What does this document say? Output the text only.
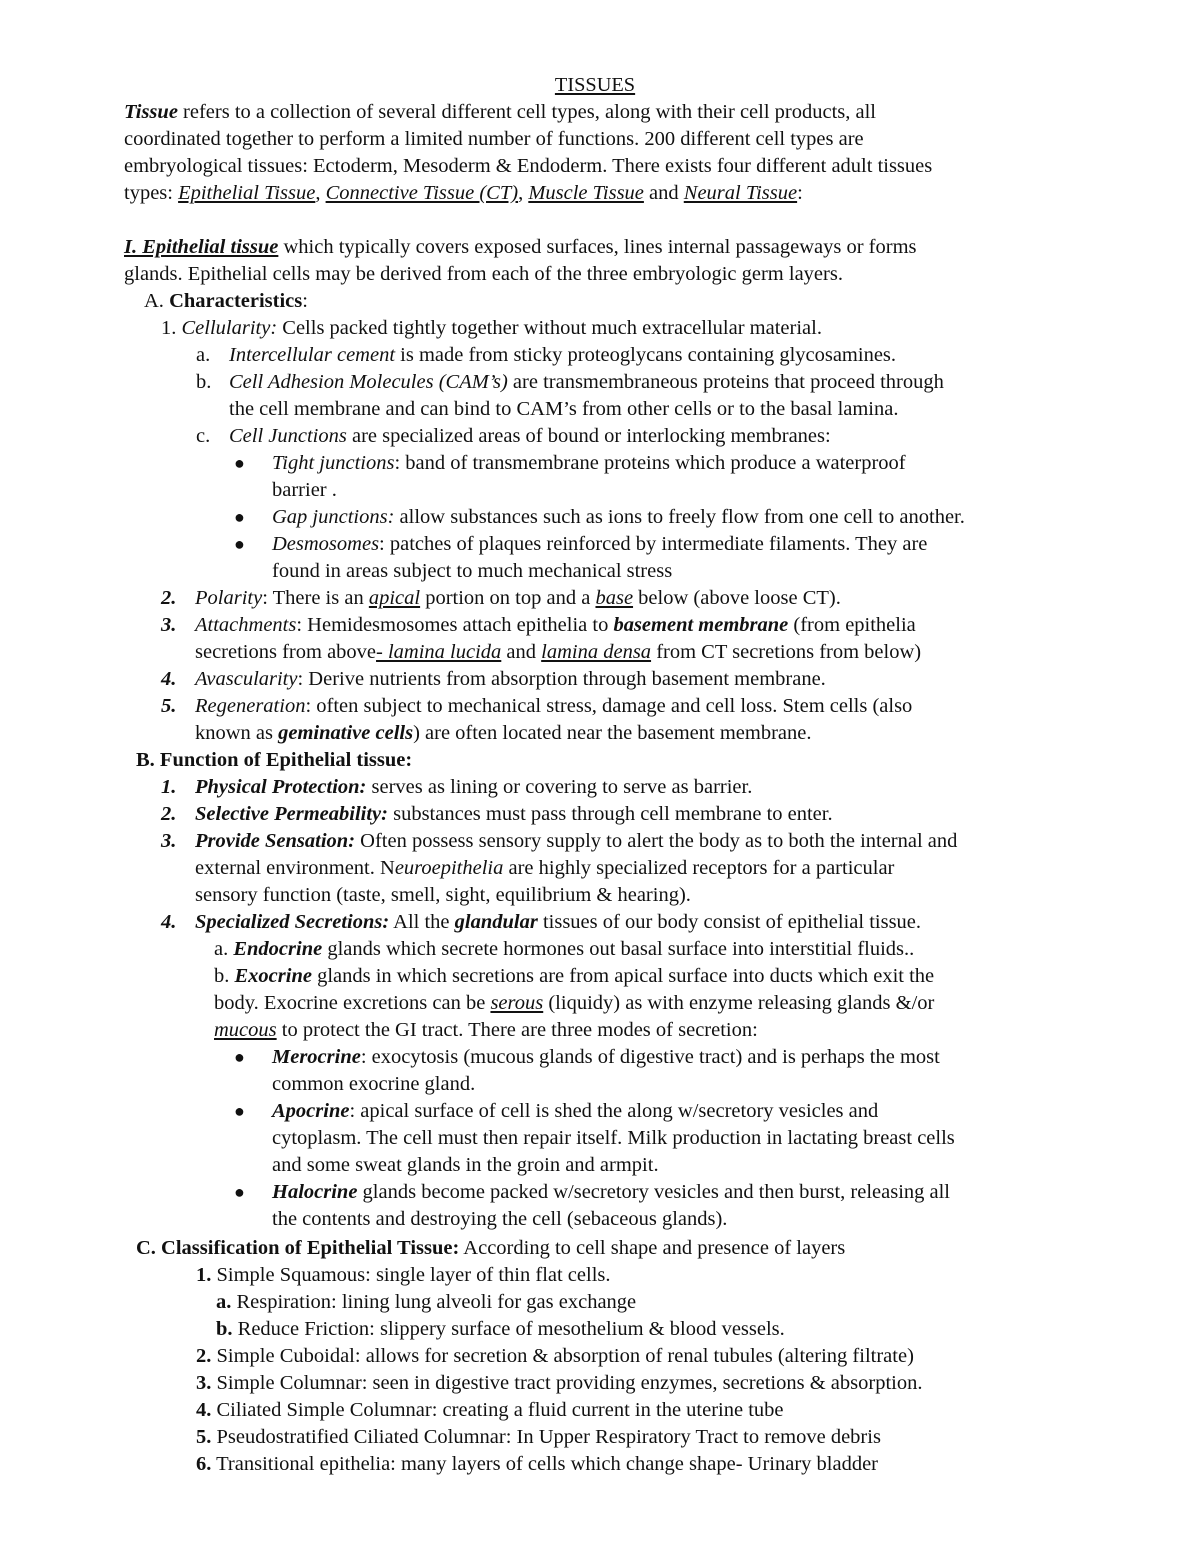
TISSUES
Tissue refers to a collection of several different cell types, along with their cell products, all
coordinated together to perform a limited number of functions. 200 different cell types are
embryological tissues: Ectoderm, Mesoderm & Endoderm. There exists four different adult tissues
types: Epithelial Tissue, Connective Tissue (CT), Muscle Tissue and Neural Tissue:
I. Epithelial tissue which typically covers exposed surfaces, lines internal passageways or forms
glands. Epithelial cells may be derived from each of the three embryologic germ layers.
A. Characteristics:
1. Cellularity: Cells packed tightly together without much extracellular material.
a. Intercellular cement is made from sticky proteoglycans containing glycosamines.
b. Cell Adhesion Molecules (CAM’s) are transmembraneous proteins that proceed through
the cell membrane and can bind to CAM’s from other cells or to the basal lamina.
c. Cell Junctions are specialized areas of bound or interlocking membranes:
● Tight junctions: band of transmembrane proteins which produce a waterproof
barrier .
● Gap junctions: allow substances such as ions to freely flow from one cell to another.
● Desmosomes: patches of plaques reinforced by intermediate filaments. They are
found in areas subject to much mechanical stress
2. Polarity: There is an apical portion on top and a base below (above loose CT).
3. Attachments: Hemidesmosomes attach epithelia to basement membrane (from epithelia
secretions from above- lamina lucida and lamina densa from CT secretions from below)
4. Avascularity: Derive nutrients from absorption through basement membrane.
5. Regeneration: often subject to mechanical stress, damage and cell loss. Stem cells (also
known as geminative cells) are often located near the basement membrane.
B. Function of Epithelial tissue:
1. Physical Protection: serves as lining or covering to serve as barrier.
2. Selective Permeability: substances must pass through cell membrane to enter.
3. Provide Sensation: Often possess sensory supply to alert the body as to both the internal and
external environment. Neuroepithelia are highly specialized receptors for a particular
sensory function (taste, smell, sight, equilibrium & hearing).
4. Specialized Secretions: All the glandular tissues of our body consist of epithelial tissue.
a. Endocrine glands which secrete hormones out basal surface into interstitial fluids..
b. Exocrine glands in which secretions are from apical surface into ducts which exit the
body. Exocrine excretions can be serous (liquidy) as with enzyme releasing glands &/or
mucous to protect the GI tract. There are three modes of secretion:
● Merocrine: exocytosis (mucous glands of digestive tract) and is perhaps the most
common exocrine gland.
● Apocrine: apical surface of cell is shed the along w/secretory vesicles and
cytoplasm. The cell must then repair itself. Milk production in lactating breast cells
and some sweat glands in the groin and armpit.
● Halocrine glands become packed w/secretory vesicles and then burst, releasing all
the contents and destroying the cell (sebaceous glands).
C. Classification of Epithelial Tissue: According to cell shape and presence of layers
1. Simple Squamous: single layer of thin flat cells.
a. Respiration: lining lung alveoli for gas exchange
b. Reduce Friction: slippery surface of mesothelium & blood vessels.
2. Simple Cuboidal: allows for secretion & absorption of renal tubules (altering filtrate)
3. Simple Columnar: seen in digestive tract providing enzymes, secretions & absorption.
4. Ciliated Simple Columnar: creating a fluid current in the uterine tube
5. Pseudostratified Ciliated Columnar: In Upper Respiratory Tract to remove debris
6. Transitional epithelia: many layers of cells which change shape- Urinary bladder
